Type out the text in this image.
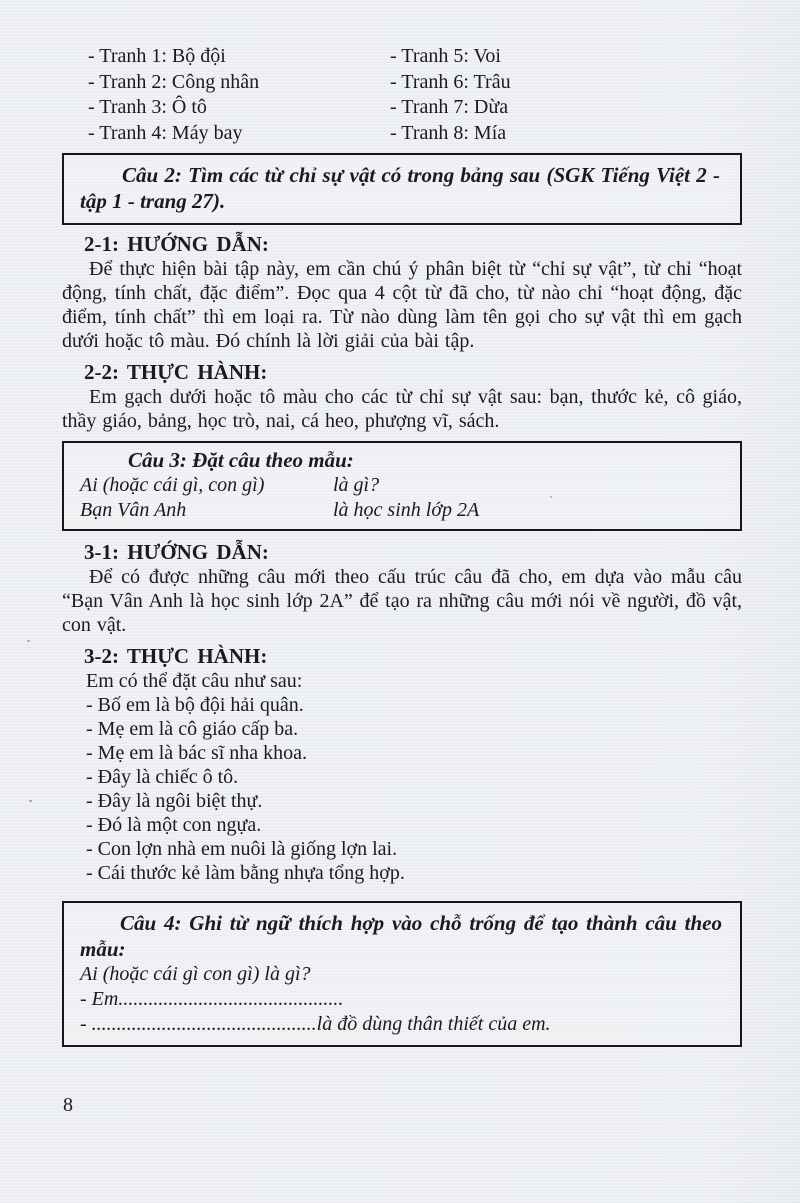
- Tranh 1: Bộ đội
- Tranh 2: Công nhân
- Tranh 3: Ô tô
- Tranh 4: Máy bay
- Tranh 5: Voi
- Tranh 6: Trâu
- Tranh 7: Dừa
- Tranh 8: Mía

Câu 2: Tìm các từ chỉ sự vật có trong bảng sau (SGK Tiếng Việt 2 - tập 1 - trang 27).

2-1: HƯỚNG DẪN:

Để thực hiện bài tập này, em cần chú ý phân biệt từ “chỉ sự vật”, từ chỉ “hoạt động, tính chất, đặc điểm”. Đọc qua 4 cột từ đã cho, từ nào chỉ “hoạt động, đặc điểm, tính chất” thì em loại ra. Từ nào dùng làm tên gọi cho sự vật thì em gạch dưới hoặc tô màu. Đó chính là lời giải của bài tập.

2-2: THỰC HÀNH:

Em gạch dưới hoặc tô màu cho các từ chỉ sự vật sau: bạn, thước kẻ, cô giáo, thầy giáo, bảng, học trò, nai, cá heo, phượng vĩ, sách.

Câu 3: Đặt câu theo mẫu:

Ai (hoặc cái gì, con gì)	là gì?
Bạn Vân Anh	là học sinh lớp 2A
3-1: HƯỚNG DẪN:

Để có được những câu mới theo cấu trúc câu đã cho, em dựa vào mẫu câu “Bạn Vân Anh là học sinh lớp 2A” để tạo ra những câu mới nói về người, đồ vật, con vật.

3-2: THỰC HÀNH:
Em có thể đặt câu như sau:
- Bố em là bộ đội hải quân.
- Mẹ em là cô giáo cấp ba.
- Mẹ em là bác sĩ nha khoa.
- Đây là chiếc ô tô.
- Đây là ngôi biệt thự.
- Đó là một con ngựa.
- Con lợn nhà em nuôi là giống lợn lai.
- Cái thước kẻ làm bằng nhựa tổng hợp.

Câu 4: Ghi từ ngữ thích hợp vào chỗ trống để tạo thành câu theo mẫu:

Ai (hoặc cái gì con gì) là gì?
- Em.............................................
- .............................................là đồ dùng thân thiết của em.
8
